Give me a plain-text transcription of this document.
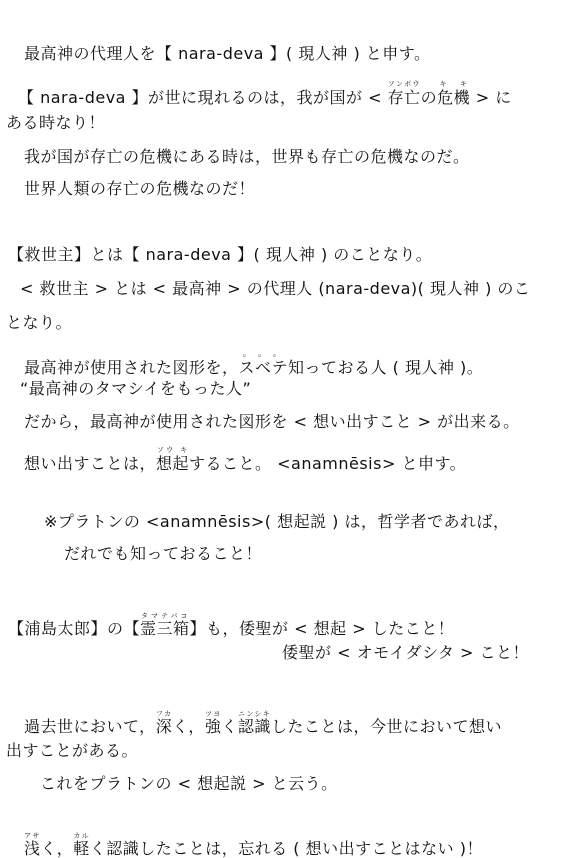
最高神の代理人を【 nara-deva 】( 現人神 ) と申す。
【 nara-deva 】が世に現れるのは，我が国が < 存亡ソンボウの危機キ キ > に
ある時なり！
我が国が存亡の危機にある時は，世界も存亡の危機なのだ。
世界人類の存亡の危機なのだ！
【救世主】とは【 nara-deva 】( 現人神 ) のことなり。
< 救世主 > とは < 最高神 > の代理人 (nara-deva)( 現人神 ) のこ
となり。
最高神が使用された図形を，スベテ。。。知っておる人 ( 現人神 )。
“最高神のタマシイをもった人”
だから，最高神が使用された図形を < 想い出すこと > が出来る。
想い出すことは，想起ソウ キすること。 <anamnēsis> と申す。
※プラトンの <anamnēsis>( 想起説 ) は，哲学者であれば，
だれでも知っておること！
【浦島太郎】の【霊三箱タマテバコ】も，倭聖が < 想起 > したこと！
倭聖が < オモイダシタ > こと！
過去世において，深フカく，強ツヨく認識ニンシキしたことは，今世において想い
出すことがある。
これをプラトンの < 想起説 > と云う。
浅アサく，軽カルく認識したことは，忘れる ( 想い出すことはない )！
